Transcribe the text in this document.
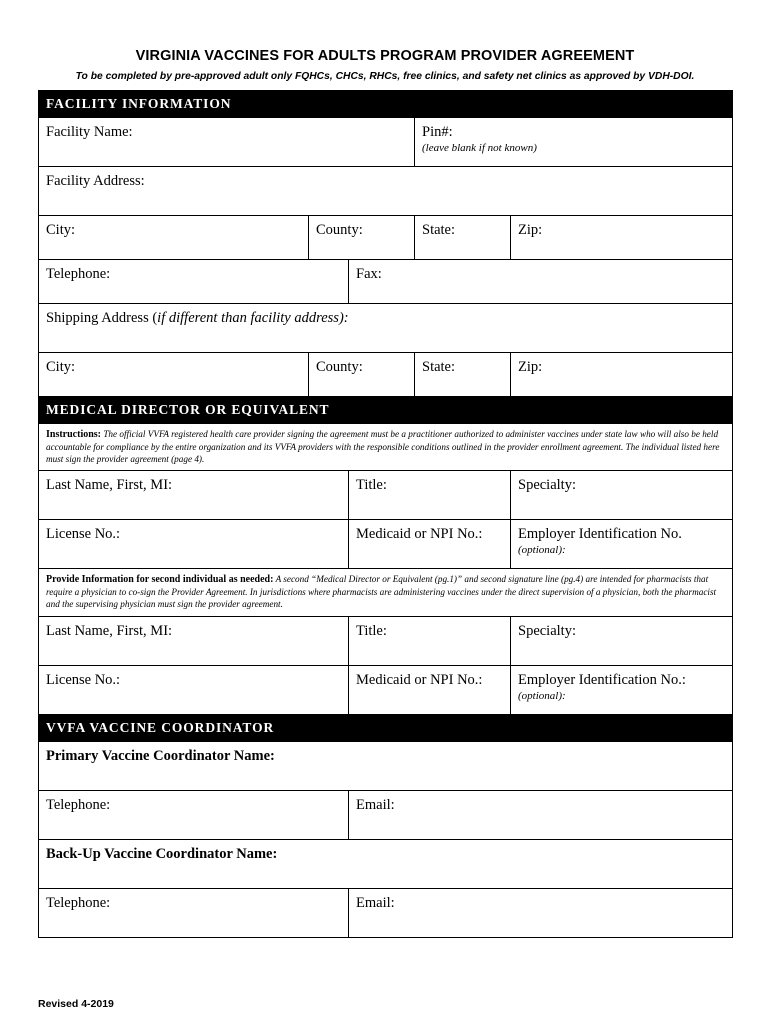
VIRGINIA VACCINES FOR ADULTS PROGRAM PROVIDER AGREEMENT
To be completed by pre-approved adult only FQHCs, CHCs, RHCs, free clinics, and safety net clinics as approved by VDH-DOI.
FACILITY INFORMATION				
Facility Name:			Pin#:
(leave blank if not known)	

Facility Address:				
City:	County:		State:	Zip:
Telephone:		Fax:		
Shipping Address (if different than facility address):				
City:	County:		State:	Zip:
MEDICAL DIRECTOR OR EQUIVALENT				
Instructions: The official VVFA registered health care provider signing the agreement must be a practitioner authorized to administer vaccines under state law who will also be held accountable for compliance by the entire organization and its VVFA providers with the responsible conditions outlined in the provider enrollment agreement. The individual listed here must sign the provider agreement (page 4).				
Last Name, First, MI:		Title:		Specialty:
License No.:		Medicaid or NPI No.:		Employer Identification No.
(optional):

Provide Information for second individual as needed: A second “Medical Director or Equivalent (pg.1)” and second signature line (pg.4) are intended for pharmacists that require a physician to co-sign the Provider Agreement. In jurisdictions where pharmacists are administering vaccines under the direct supervision of a physician, both the pharmacist and the supervising physician must sign the provider agreement.				
Last Name, First, MI:		Title:		Specialty:
License No.:		Medicaid or NPI No.:		Employer Identification No.:
(optional):

VVFA VACCINE COORDINATOR				
Primary Vaccine Coordinator Name:				
Telephone:		Email:		
Back-Up Vaccine Coordinator Name:				
Telephone:		Email:		
Revised 4-2019
